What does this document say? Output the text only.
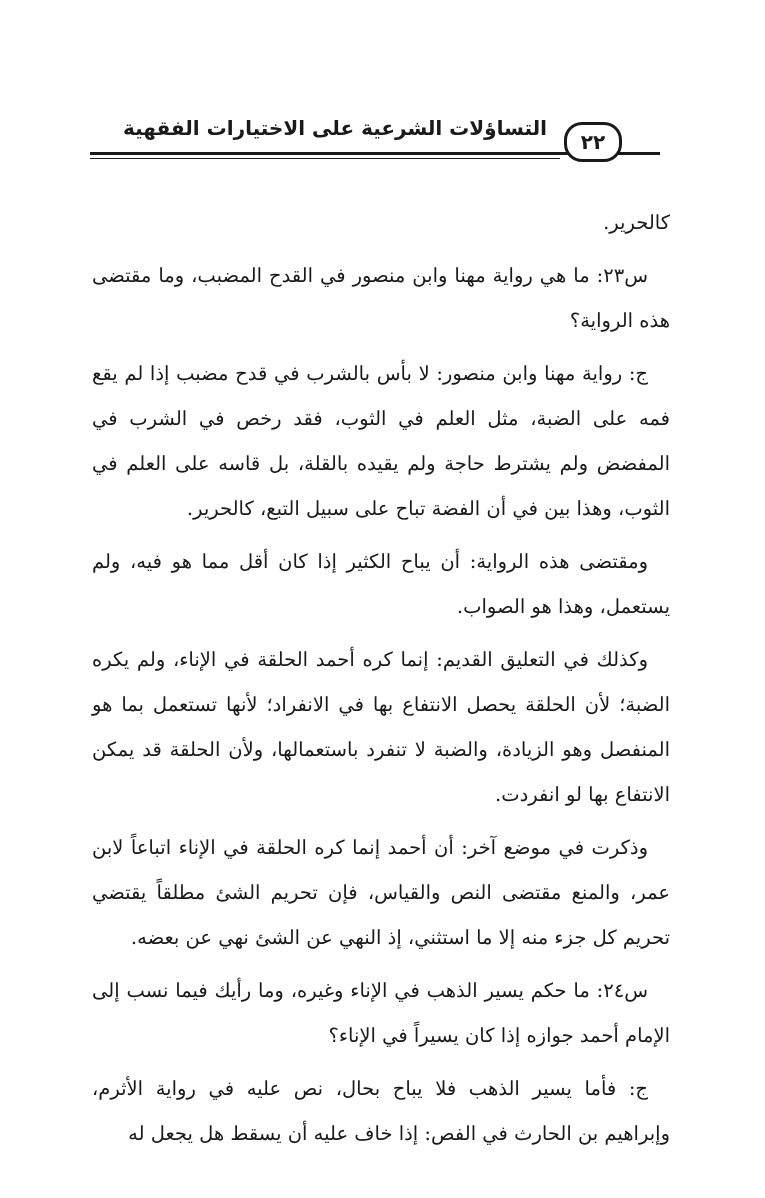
التساؤلات الشرعية على الاختيارات الفقهية
٢٢

كالحرير.

س٢٣: ما هي رواية مهنا وابن منصور في القدح المضبب، وما مقتضى هذه الرواية؟

ج: رواية مهنا وابن منصور: لا بأس بالشرب في قدح مضبب إذا لم يقع فمه على الضبة، مثل العلم في الثوب، فقد رخص في الشرب في المفضض ولم يشترط حاجة ولم يقيده بالقلة، بل قاسه على العلم في الثوب، وهذا بين في أن الفضة تباح على سبيل التبع، كالحرير.

ومقتضى هذه الرواية: أن يباح الكثير إذا كان أقل مما هو فيه، ولم يستعمل، وهذا هو الصواب.

وكذلك في التعليق القديم: إنما كره أحمد الحلقة في الإناء، ولم يكره الضبة؛ لأن الحلقة يحصل الانتفاع بها في الانفراد؛ لأنها تستعمل بما هو المنفصل وهو الزيادة، والضبة لا تنفرد باستعمالها، ولأن الحلقة قد يمكن الانتفاع بها لو انفردت.

وذكرت في موضع آخر: أن أحمد إنما كره الحلقة في الإناء اتباعاً لابن عمر، والمنع مقتضى النص والقياس، فإن تحريم الشئ مطلقاً يقتضي تحريم كل جزء منه إلا ما استثني، إذ النهي عن الشئ نهي عن بعضه.

س٢٤: ما حكم يسير الذهب في الإناء وغيره، وما رأيك فيما نسب إلى الإمام أحمد جوازه إذا كان يسيراً في الإناء؟

ج: فأما يسير الذهب فلا يباح بحال، نص عليه في رواية الأثرم، وإبراهيم بن الحارث في الفص: إذا خاف عليه أن يسقط هل يجعل له
